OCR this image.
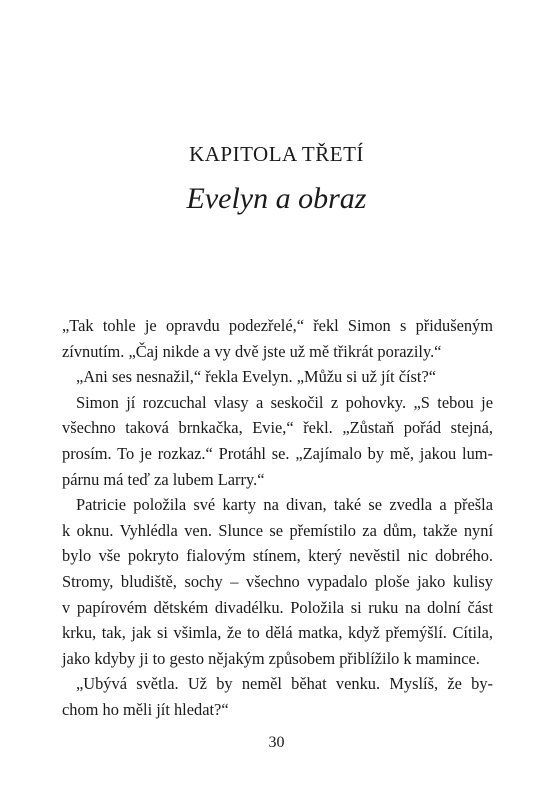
KAPITOLA TŘETÍ
Evelyn a obraz
„Tak tohle je opravdu podezřelé,“ řekl Simon s přidušeným
zívnutím. „Čaj nikde a vy dvě jste už mě třikrát porazily.“
„Ani ses nesnažil,“ řekla Evelyn. „Můžu si už jít číst?“
Simon jí rozcuchal vlasy a seskočil z pohovky. „S tebou je
všechno taková brnkačka, Evie,“ řekl. „Zůstaň pořád stejná,
prosím. To je rozkaz.“ Protáhl se. „Zajímalo by mě, jakou lum-
párnu má teď za lubem Larry.“
Patricie položila své karty na divan, také se zvedla a přešla
k oknu. Vyhlédla ven. Slunce se přemístilo za dům, takže nyní
bylo vše pokryto fialovým stínem, který nevěstil nic dobrého.
Stromy, bludiště, sochy – všechno vypadalo ploše jako kulisy
v papírovém dětském divadélku. Položila si ruku na dolní část
krku, tak, jak si všimla, že to dělá matka, když přemýšlí. Cítila,
jako kdyby ji to gesto nějakým způsobem přiblížilo k mamince.
„Ubývá světla. Už by neměl běhat venku. Myslíš, že by-
chom ho měli jít hledat?“
30
